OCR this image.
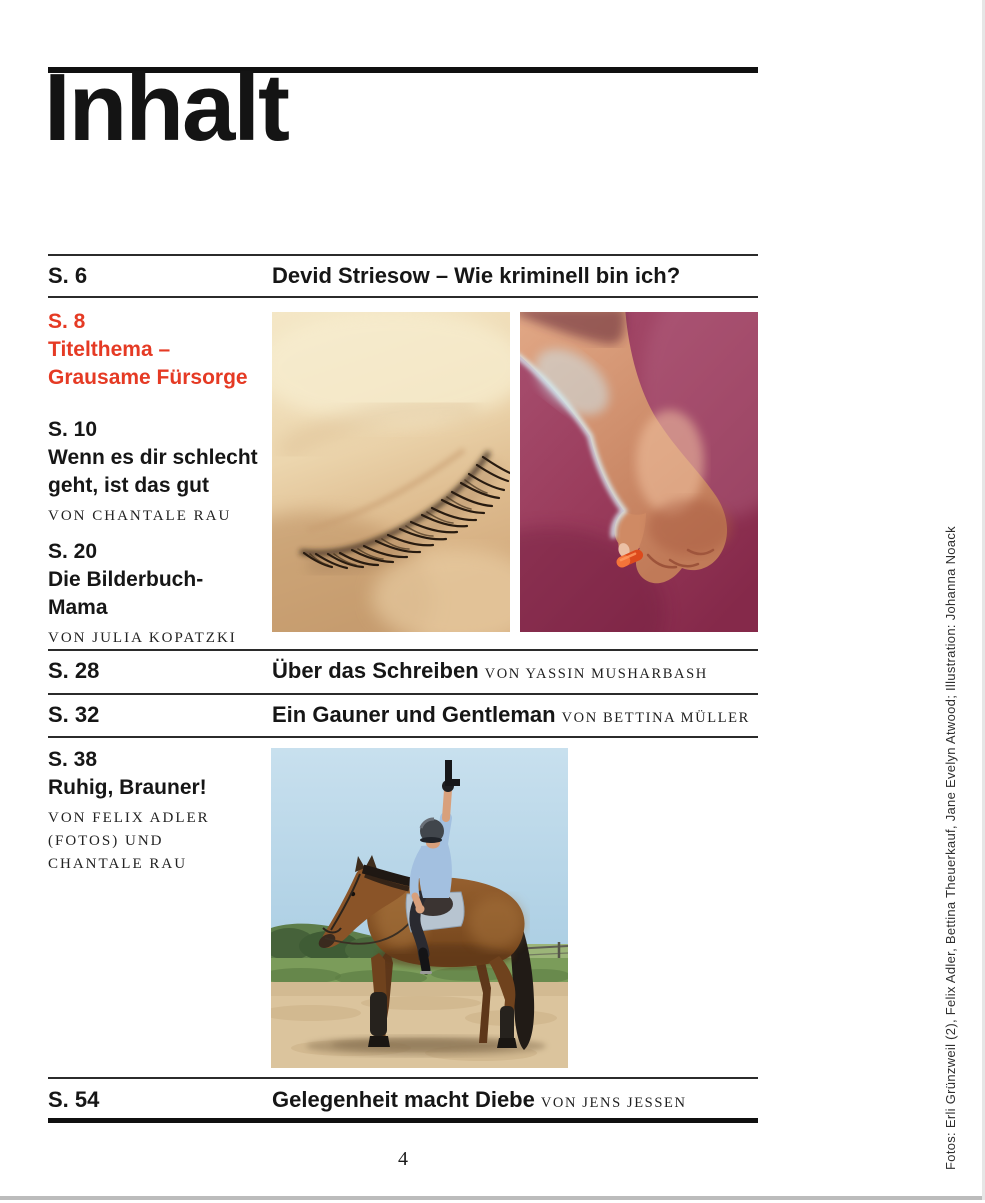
Inhalt
S. 6	Devid Striesow – Wie kriminell bin ich?
S. 8
Titelthema –
Grausame Fürsorge
S. 10
Wenn es dir schlecht
geht, ist das gut
VON CHANTALE RAU
S. 20
Die Bilderbuch-
Mama
VON JULIA KOPATZKI
S. 28	Über das Schreiben VON YASSIN MUSHARBASH
S. 32	Ein Gauner und Gentleman VON BETTINA MÜLLER
S. 38
Ruhig, Brauner!
VON FELIX ADLER
(FOTOS) UND
CHANTALE RAU
S. 54	Gelegenheit macht Diebe VON JENS JESSEN
4	Fotos: Erli Grünzweil (2), Felix Adler, Bettina Theuerkauf, Jane Evelyn Atwood; Illustration: Johanna Noack
